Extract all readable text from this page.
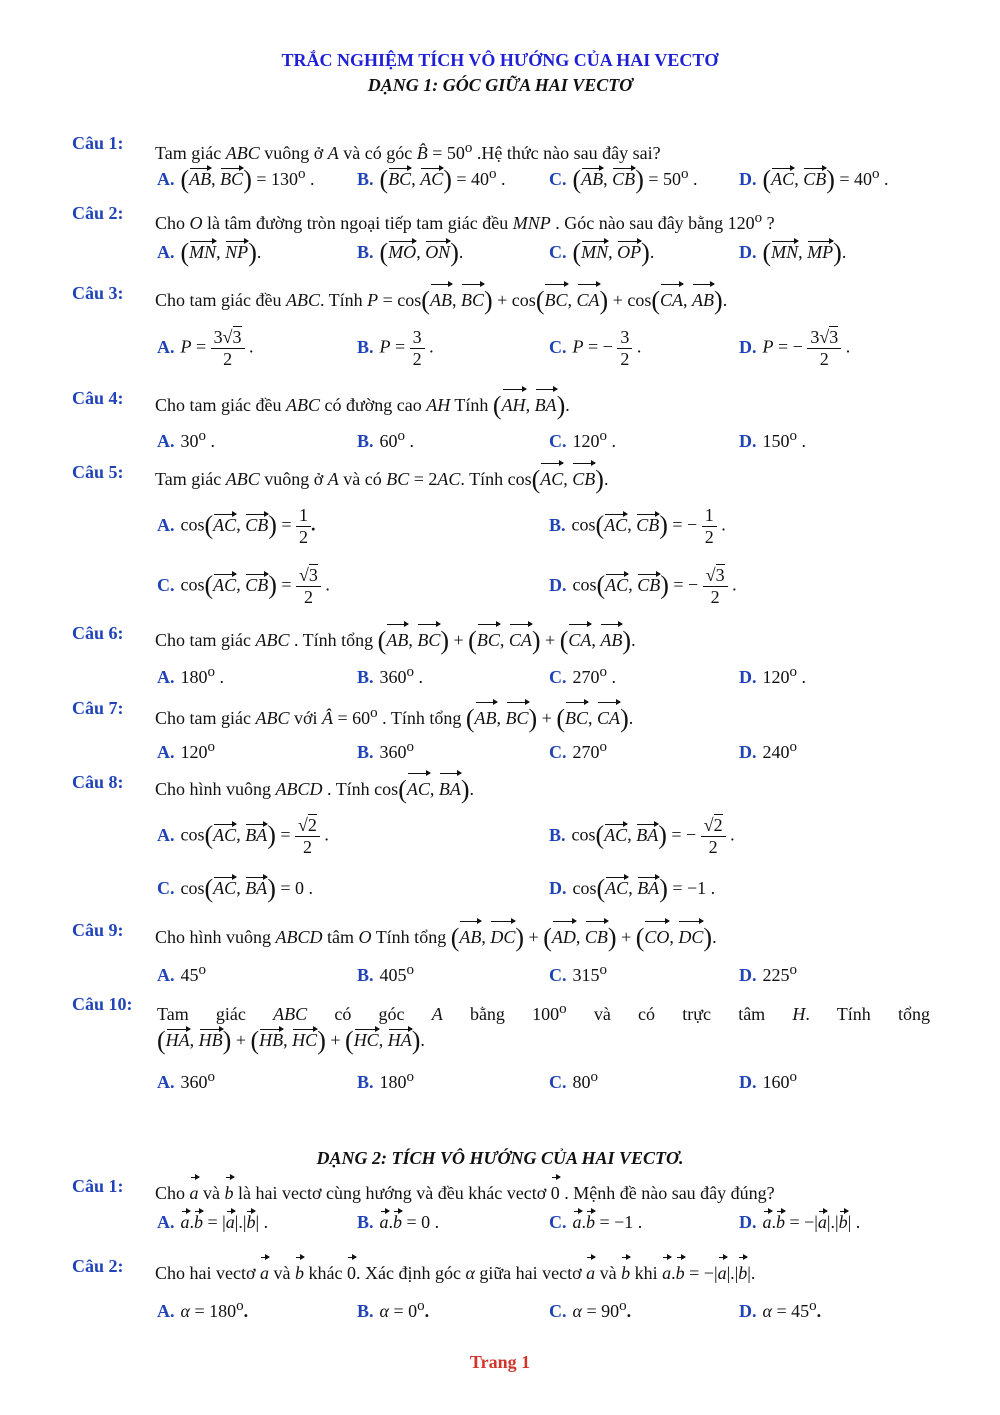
TRẮC NGHIỆM TÍCH VÔ HƯỚNG CỦA HAI VECTƠ
DẠNG 1: GÓC GIỮA HAI VECTƠ
Câu 1: Tam giác ABC vuông ở A và có góc B̂ = $50^o$ .Hệ thức nào sau đây sai?
A. (AB, $BC) = 130^o$ . B. (BC, $AC) = 40^o$ . C. (AB, $CB) = 50^o$ . D. (AC, $CB) = 40^o$ .
Câu 2: Cho O là tâm đường tròn ngoại tiếp tam giác đều MNP . Góc nào sau đây bằng 120$^o$ ?
A. (MN, NP).	B. (MO, ON).	C. (MN, OP).	D. (MN, MP).
Câu 3: Cho tam giác đều ABC. Tính P = cos(AB, BC) + cos(BC, CA) + cos(CA, AB).
A. $P = \frac{3√3}{2}$ .	B. $P = \frac{3}{2}$ .	C. P = − $\frac{3}{2}$ .	D. P = − $\frac{3√3}{2}$ .
Câu 4: Cho tam giác đều ABC có đường cao AH Tính (AH, BA).
A. 30$^o$ .	B. 60$^o$ .	C. 120$^o$ .	D. 150$^o$ .
Câu 5: Tam giác ABC vuông ở A và có BC = 2AC. Tính cos(AC, CB).
A. cos(AC, $CB) = \frac{1}{2}$ .	B. cos(AC, CB) = − $\frac{1}{2}$ .
C. cos(AC, $CB) = \frac{√3}{2}$ .	D. cos(AC, CB) = − $\frac{√3}{2}$ .
Câu 6: Cho tam giác ABC . Tính tổng (AB, BC) + (BC, CA) + (CA, AB).
A. 180$^o$ .	B. 360$^o$ .	C. 270$^o$ .	D. 120$^o$ .
Câu 7: Cho tam giác ABC với Â = $60^o$ . Tính tổng (AB, BC) + (BC, CA).
A. 120$^o$	B. 360$^o$	C. 270$^o$	D. 240$^o$
Câu 8: Cho hình vuông ABCD . Tính cos(AC, BA).
A. cos(AC, $BA) = \frac{√2}{2}$ .	B. cos(AC, BA) = − $\frac{√2}{2}$ .
C. cos(AC, BA) = 0 .	D. cos(AC, BA) = −1 .
Câu 9: Cho hình vuông ABCD tâm O Tính tổng (AB, DC) + (AD, CB) + (CO, DC).
A. 45$^o$	B. 405$^o$	C. 315$^o$	D. 225$^o$
Câu 10: Tam giác ABC có góc A bằng 100$^o$ và có trực tâm H. Tính tổng
(HA, HB) + (HB, HC) + (HC, HA).
A. 360$^o$	B. 180$^o$	C. 80$^o$	D. 160$^o$
DẠNG 2: TÍCH VÔ HƯỚNG CỦA HAI VECTƠ.
Câu 1: Cho a và b là hai vectơ cùng hướng và đều khác vectơ 0 . Mệnh đề nào sau đây đúng?
A. a.b = |a|.|b| .	B. a.b = 0 .	C. a.b = −1 .	D. a.b = −|a|.|b| .
Câu 2: Cho hai vectơ a và b khác 0. Xác định góc α giữa hai vectơ a và b khi a.b = −|a|.|b|.
A. $\alpha = 180^o$.	B. $\alpha = 0^o$.	C. $\alpha = 90^o$.	D. $\alpha = 45^o$.
Trang 1
